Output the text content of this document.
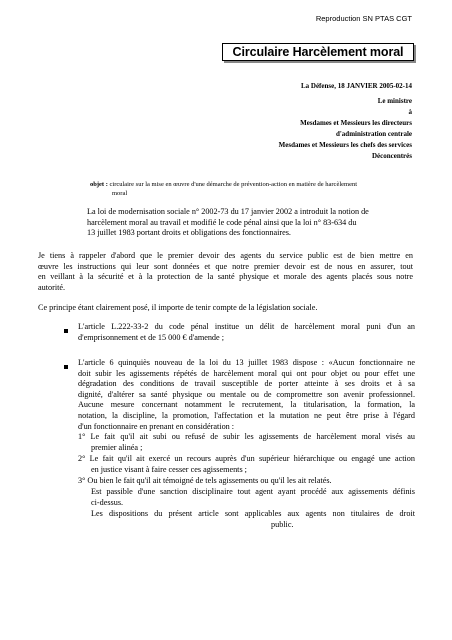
Reproduction SN PTAS CGT
Circulaire Harcèlement moral
La Défense, 18 JANVIER 2005-02-14
Le ministre
à
Mesdames et Messieurs les directeurs
d'administration centrale
Mesdames et Messieurs les chefs des services
Déconcentrés
objet : circulaire sur la mise en œuvre d'une démarche de prévention-action en matière de harcèlement
moral
La loi de modernisation sociale n° 2002-73 du 17 janvier 2002 a introduit la notion de
harcèlement moral au travail et modifié le code pénal ainsi que la loi n° 83-634 du
13 juillet 1983 portant droits et obligations des fonctionnaires.
Je tiens à rappeler d'abord que le premier devoir des agents du service public est de bien mettre en
œuvre les instructions qui leur sont données et que notre premier devoir est de nous en assurer, tout
en veillant à la sécurité et à la protection de la santé physique et morale des agents placés sous notre
autorité.
Ce principe étant clairement posé, il importe de tenir compte de la législation sociale.
L'article L.222-33-2 du code pénal institue un délit de harcèlement moral puni d'un an
d'emprisonnement et de 15 000 € d'amende ;
L'article 6 quinquiès nouveau de la loi du 13 juillet 1983 dispose : «Aucun fonctionnaire ne
doit subir les agissements répétés de harcèlement moral qui ont pour objet ou pour effet une
dégradation des conditions de travail susceptible de porter atteinte à ses droits et à sa
dignité, d'altérer sa santé physique ou mentale ou de compromettre son avenir professionnel.
Aucune mesure concernant notamment le recrutement, la titularisation, la formation, la
notation, la discipline, la promotion, l'affectation et la mutation ne peut être prise à l'égard
d'un fonctionnaire en prenant en considération :
1° Le fait qu'il ait subi ou refusé de subir les agissements de harcèlement moral visés au
premier alinéa ;
2° Le fait qu'il ait exercé un recours auprès d'un supérieur hiérarchique ou engagé une action
en justice visant à faire cesser ces agissements ;
3° Ou bien le fait qu'il ait témoigné de tels agissements ou qu'il les ait relatés.
Est passible d'une sanction disciplinaire tout agent ayant procédé aux agissements définis
ci-dessus.
Les dispositions du présent article sont applicables aux agents non titulaires de droit
public.
